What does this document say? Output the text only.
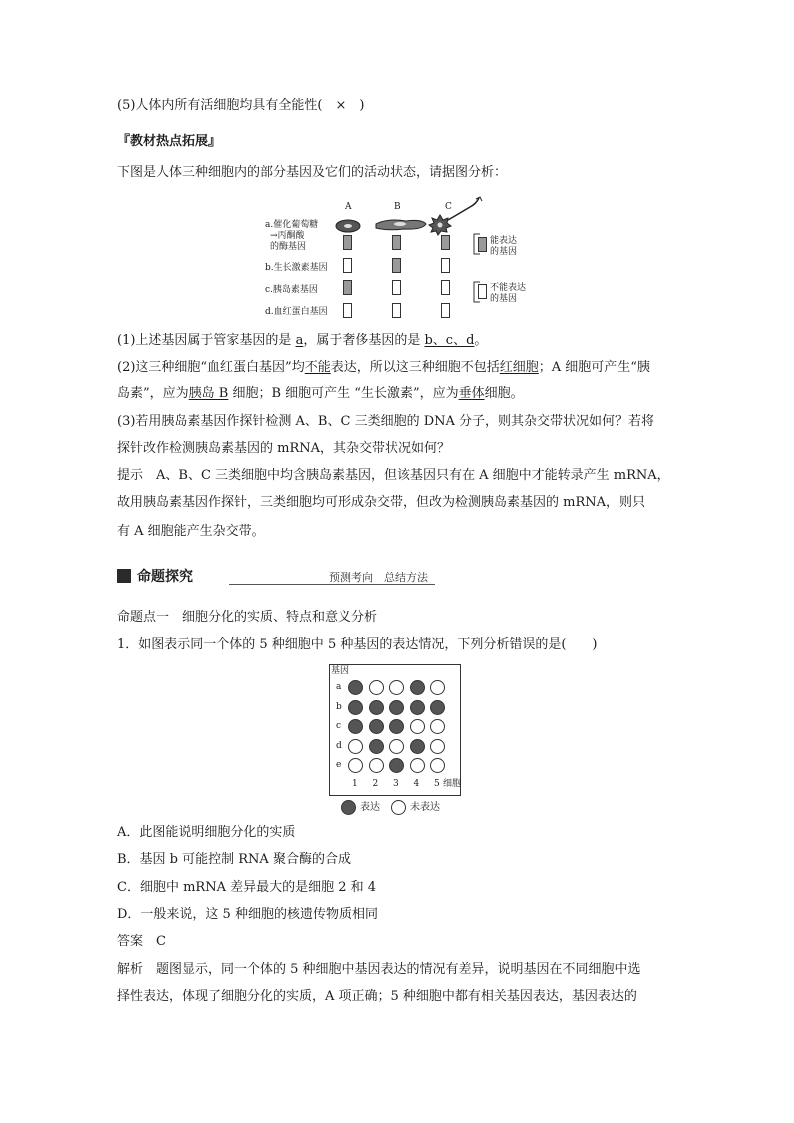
(5)人体内所有活细胞均具有全能性(　×　)
『教材热点拓展』
下图是人体三种细胞内的部分基因及它们的活动状态，请据图分析：
a.催化葡萄糖
→丙酮酸
的酶基因
b.生长激素基因
c.胰岛素基因
d.血红蛋白基因
A	B	C
能表达
的基因
不能表达
的基因
(1)上述基因属于管家基因的是 a，属于奢侈基因的是 b、c、d。
(2)这三种细胞“血红蛋白基因”均不能表达，所以这三种细胞不包括红细胞；A 细胞可产生“胰
岛素”，应为胰岛 B 细胞；B 细胞可产生 “生长激素”，应为垂体细胞。
(3)若用胰岛素基因作探针检测 A、B、C 三类细胞的 DNA 分子，则其杂交带状况如何？若将
探针改作检测胰岛素基因的 mRNA，其杂交带状况如何？
提示　A、B、C 三类细胞中均含胰岛素基因，但该基因只有在 A 细胞中才能转录产生 mRNA，
故用胰岛素基因作探针，三类细胞均可形成杂交带，但改为检测胰岛素基因的 mRNA，则只
有 A 细胞能产生杂交带。
命题探究	预测考向　总结方法
命题点一　细胞分化的实质、特点和意义分析
1．如图表示同一个体的 5 种细胞中 5 种基因的表达情况，下列分析错误的是(　　)
基因
a
b
c
d
e
1 2 3 4 5 细胞
表达	未表达
A．此图能说明细胞分化的实质
B．基因 b 可能控制 RNA 聚合酶的合成
C．细胞中 mRNA 差异最大的是细胞 2 和 4
D．一般来说，这 5 种细胞的核遗传物质相同
答案　C
解析　题图显示，同一个体的 5 种细胞中基因表达的情况有差异，说明基因在不同细胞中选
择性表达，体现了细胞分化的实质，A 项正确；5 种细胞中都有相关基因表达，基因表达的
